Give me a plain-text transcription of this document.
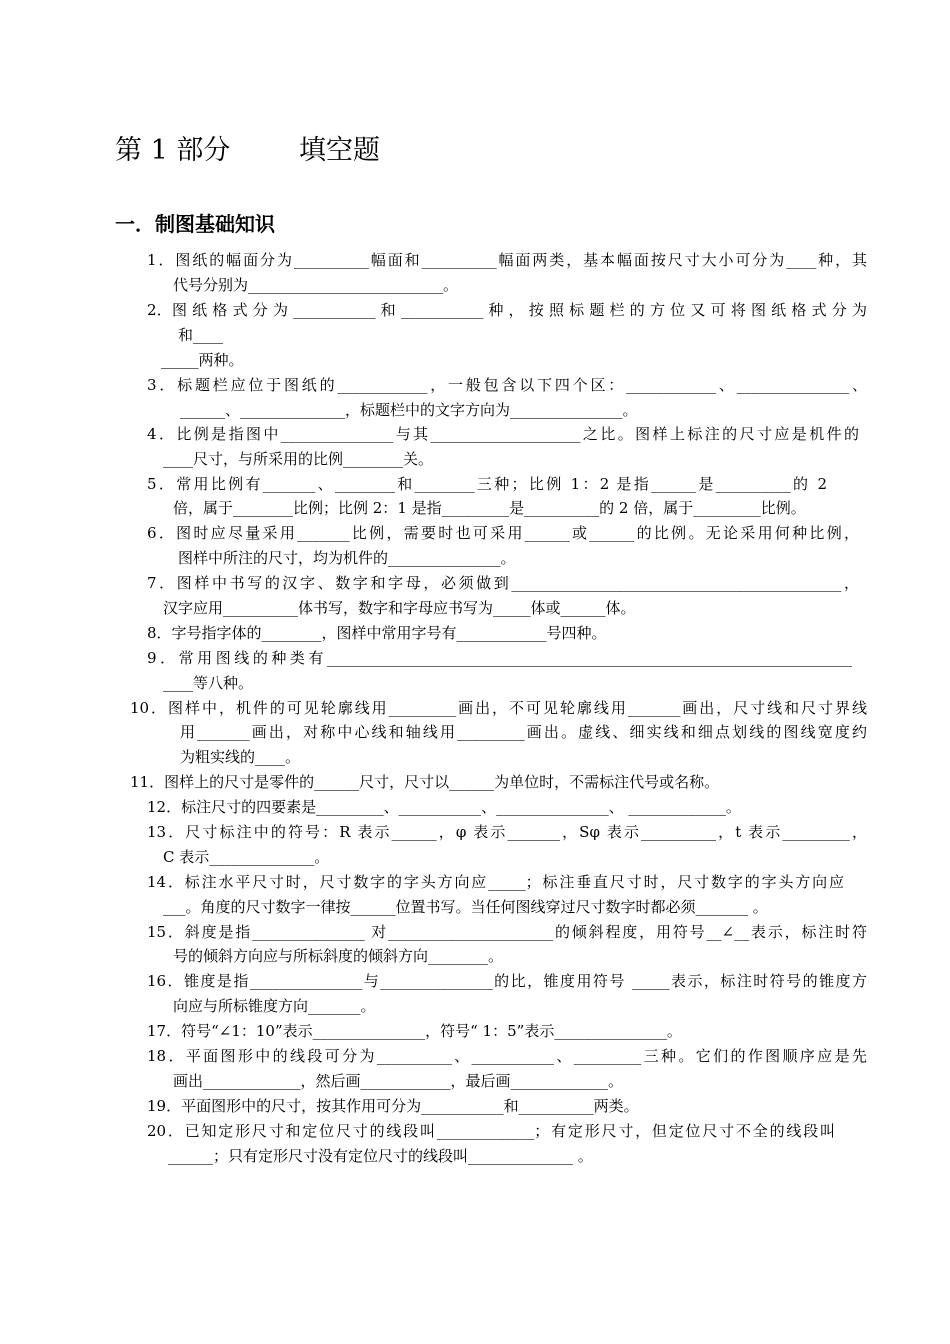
第 1 部分        填空题
一．制图基础知识
1．图纸的幅面分为__________幅面和__________幅面两类，基本幅面按尺寸大小可分为____种，其
代号分别为__________________________。
2．图 纸 格 式 分 为 ___________ 和 ___________ 种 ， 按 照 标 题 栏 的 方 位 又 可 将 图 纸 格 式 分 为
和____
_____两种。
3．标题栏应位于图纸的____________，一般包含以下四个区：____________、_______________、
______、______________，标题栏中的文字方向为_______________。
4．比例是指图中_______________与其____________________之比。图样上标注的尺寸应是机件的
____尺寸，与所采用的比例________关。
5．常用比例有_______、________和________三种；比例 1：2 是指______是__________的 2
倍，属于________比例；比例 2：1 是指_________是__________的 2 倍，属于_________比例。
6．图时应尽量采用_______比例，需要时也可采用______或______的比例。无论采用何种比例，
图样中所注的尺寸，均为机件的_______________。
7．图样中书写的汉字、数字和字母，必须做到____________________________________________，
汉字应用__________体书写，数字和字母应书写为_____体或______体。
8．字号指字体的________，图样中常用字号有____________号四种。
9．常用图线的种类有______________________________________________________________________
____等八种。
10．图样中，机件的可见轮廓线用_________画出，不可见轮廓线用_______画出，尺寸线和尺寸界线
用_______画出，对称中心线和轴线用_________画出。虚线、细实线和细点划线的图线宽度约
为粗实线的____。
11．图样上的尺寸是零件的______尺寸，尺寸以______为单位时，不需标注代号或名称。
12．标注尺寸的四要素是_________、___________、_______________、 _____________。
13．尺寸标注中的符号：R 表示______，φ 表示_______，Sφ 表示__________，t 表示_________，
C 表示______________。
14．标注水平尺寸时，尺寸数字的字头方向应_____；标注垂直尺寸时，尺寸数字的字头方向应
___。角度的尺寸数字一律按______位置书写。当任何图线穿过尺寸数字时都必须_______ 。
15．斜度是指_______________ 对______________________的倾斜程度，用符号__∠__表示，标注时符
号的倾斜方向应与所标斜度的倾斜方向________。
16．锥度是指_______________与_______________的比，锥度用符号 _____表示，标注时符号的锥度方
向应与所标锥度方向_______。
17．符号“∠1：10”表示_______________，符号“ 1：5”表示_______________。
18．平面图形中的线段可分为__________、___________、_________三种。它们的作图顺序应是先
画出_____________，然后画____________，最后画_____________。
19．平面图形中的尺寸，按其作用可分为___________和__________两类。
20．已知定形尺寸和定位尺寸的线段叫_____________；有定形尺寸，但定位尺寸不全的线段叫
______；只有定形尺寸没有定位尺寸的线段叫______________ 。
